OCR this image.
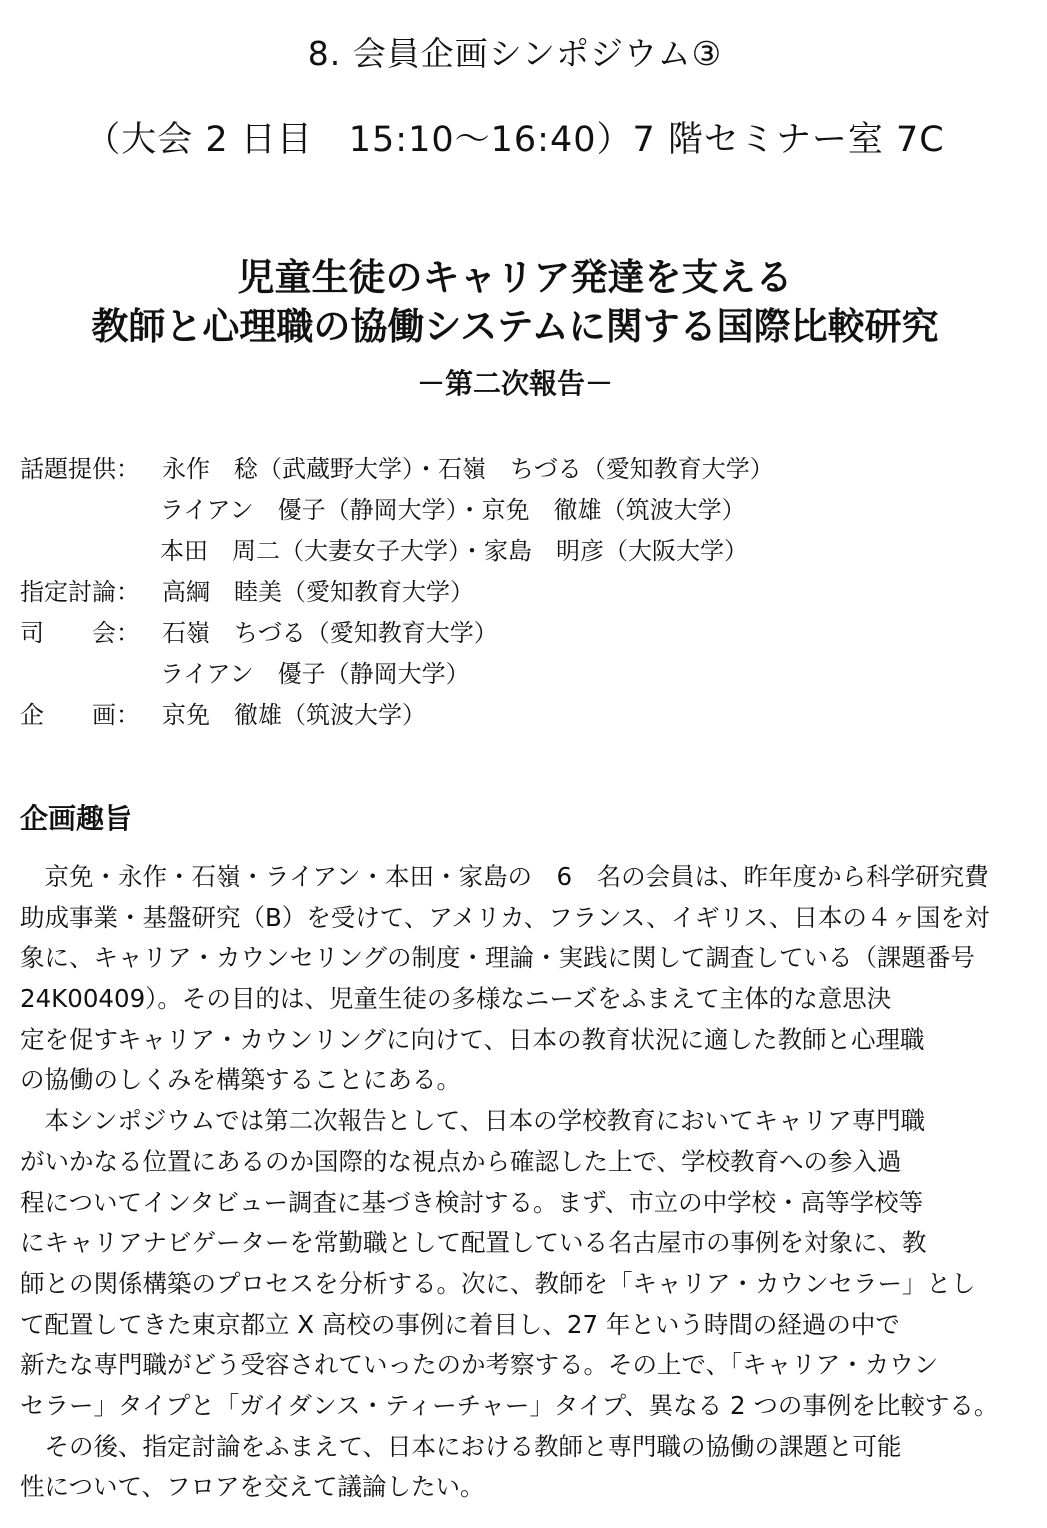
8. 会員企画シンポジウム③
（大会 2 日目　15:10～16:40）7 階セミナー室 7C
児童生徒のキャリア発達を支える
教師と心理職の協働システムに関する国際比較研究
－第二次報告－
話題提供： 永作　稔（武蔵野大学）・石嶺　ちづる（愛知教育大学）
ライアン　優子（静岡大学）・京免　徹雄（筑波大学）
本田　周二（大妻女子大学）・家島　明彦（大阪大学）
指定討論： 高綱　睦美（愛知教育大学）
司　　会： 石嶺　ちづる（愛知教育大学）
ライアン　優子（静岡大学）
企　　画： 京免　徹雄（筑波大学）
企画趣旨
　京免・永作・石嶺・ライアン・本田・家島の　6　名の会員は、昨年度から科学研究費
助成事業・基盤研究（B）を受けて、アメリカ、フランス、イギリス、日本の４ヶ国を対
象に、キャリア・カウンセリングの制度・理論・実践に関して調査している（課題番号
24K00409）。その目的は、児童生徒の多様なニーズをふまえて主体的な意思決
定を促すキャリア・カウンリングに向けて、日本の教育状況に適した教師と心理職
の協働のしくみを構築することにある。
　本シンポジウムでは第二次報告として、日本の学校教育においてキャリア専門職
がいかなる位置にあるのか国際的な視点から確認した上で、学校教育への参入過
程についてインタビュー調査に基づき検討する。まず、市立の中学校・高等学校等
にキャリアナビゲーターを常勤職として配置している名古屋市の事例を対象に、教
師との関係構築のプロセスを分析する。次に、教師を「キャリア・カウンセラー」とし
て配置してきた東京都立 X 高校の事例に着目し、27 年という時間の経過の中で
新たな専門職がどう受容されていったのか考察する。その上で、「キャリア・カウン
セラー」タイプと「ガイダンス・ティーチャー」タイプ、異なる 2 つの事例を比較する。
　その後、指定討論をふまえて、日本における教師と専門職の協働の課題と可能
性について、フロアを交えて議論したい。
